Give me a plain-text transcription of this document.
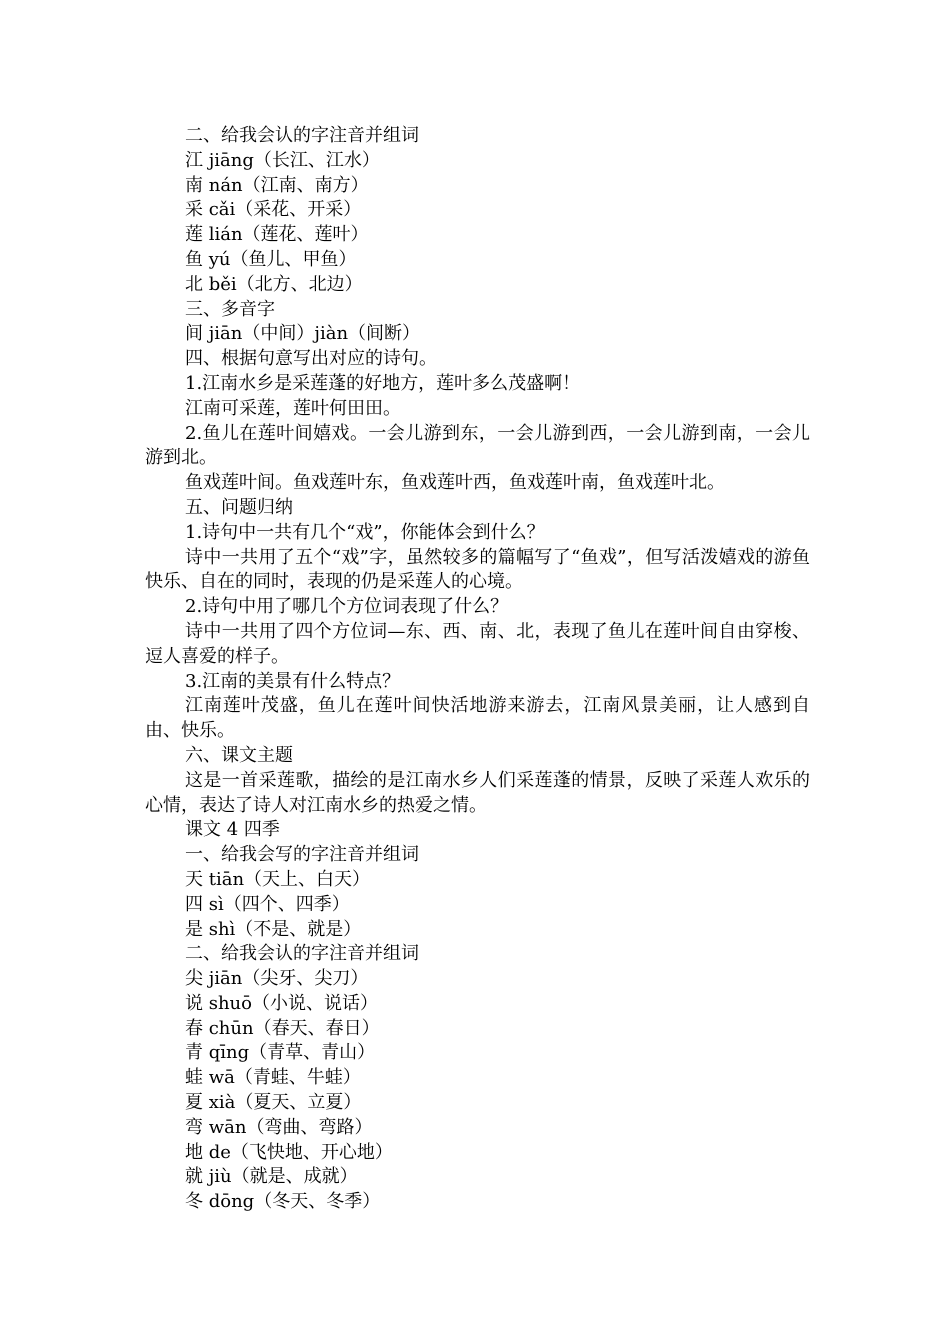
二、给我会认的字注音并组词

江 jiāng（长江、江水）

南 nán（江南、南方）

采 cǎi（采花、开采）

莲 lián（莲花、莲叶）

鱼 yú（鱼儿、甲鱼）

北 běi（北方、北边）

三、多音字

间 jiān（中间）jiàn（间断）

四、根据句意写出对应的诗句。

1.江南水乡是采莲蓬的好地方，莲叶多么茂盛啊！

江南可采莲，莲叶何田田。

2.鱼儿在莲叶间嬉戏。一会儿游到东，一会儿游到西，一会儿游到南，一会儿游到北。

鱼戏莲叶间。鱼戏莲叶东，鱼戏莲叶西，鱼戏莲叶南，鱼戏莲叶北。

五、问题归纳

1.诗句中一共有几个“戏”，你能体会到什么？

诗中一共用了五个“戏”字，虽然较多的篇幅写了“鱼戏”，但写活泼嬉戏的游鱼快乐、自在的同时，表现的仍是采莲人的心境。

2.诗句中用了哪几个方位词表现了什么？

诗中一共用了四个方位词—东、西、南、北，表现了鱼儿在莲叶间自由穿梭、逗人喜爱的样子。

3.江南的美景有什么特点？

江南莲叶茂盛，鱼儿在莲叶间快活地游来游去，江南风景美丽，让人感到自由、快乐。

六、课文主题

这是一首采莲歌，描绘的是江南水乡人们采莲蓬的情景，反映了采莲人欢乐的心情，表达了诗人对江南水乡的热爱之情。

课文 4 四季

一、给我会写的字注音并组词

天 tiān（天上、白天）

四 sì（四个、四季）

是 shì（不是、就是）

二、给我会认的字注音并组词

尖 jiān（尖牙、尖刀）

说 shuō（小说、说话）

春 chūn（春天、春日）

青 qīng（青草、青山）

蛙 wā（青蛙、牛蛙）

夏 xià（夏天、立夏）

弯 wān（弯曲、弯路）

地 de（飞快地、开心地）

就 jiù（就是、成就）

冬 dōng（冬天、冬季）
